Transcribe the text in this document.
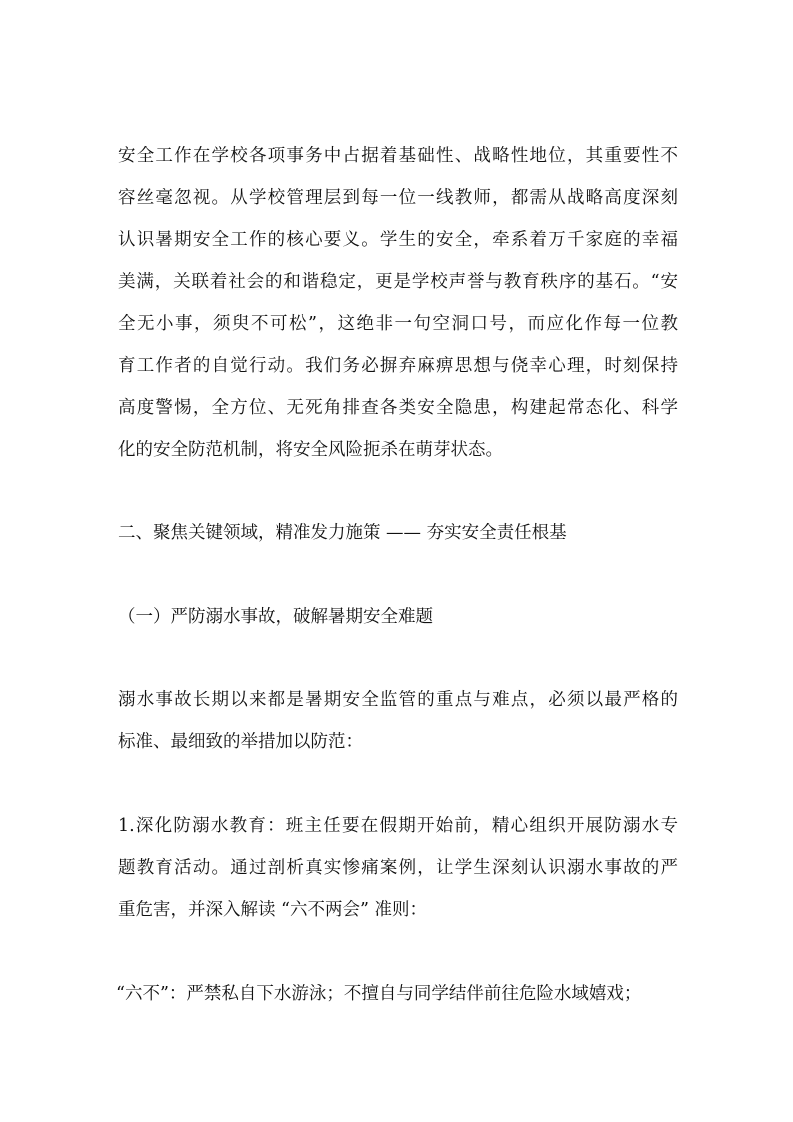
安全工作在学校各项事务中占据着基础性、战略性地位，其重要性不
容丝毫忽视。从学校管理层到每一位一线教师，都需从战略高度深刻
认识暑期安全工作的核心要义。学生的安全，牵系着万千家庭的幸福
美满，关联着社会的和谐稳定，更是学校声誉与教育秩序的基石。“安
全无小事，须臾不可松”，这绝非一句空洞口号，而应化作每一位教
育工作者的自觉行动。我们务必摒弃麻痹思想与侥幸心理，时刻保持
高度警惕，全方位、无死角排查各类安全隐患，构建起常态化、科学
化的安全防范机制，将安全风险扼杀在萌芽状态。
二、聚焦关键领域，精准发力施策 —— 夯实安全责任根基
（一）严防溺水事故，破解暑期安全难题
溺水事故长期以来都是暑期安全监管的重点与难点，必须以最严格的
标准、最细致的举措加以防范：
1.深化防溺水教育：班主任要在假期开始前，精心组织开展防溺水专
题教育活动。通过剖析真实惨痛案例，让学生深刻认识溺水事故的严
重危害，并深入解读 “六不两会” 准则：
“六不”：严禁私自下水游泳；不擅自与同学结伴前往危险水域嬉戏；
